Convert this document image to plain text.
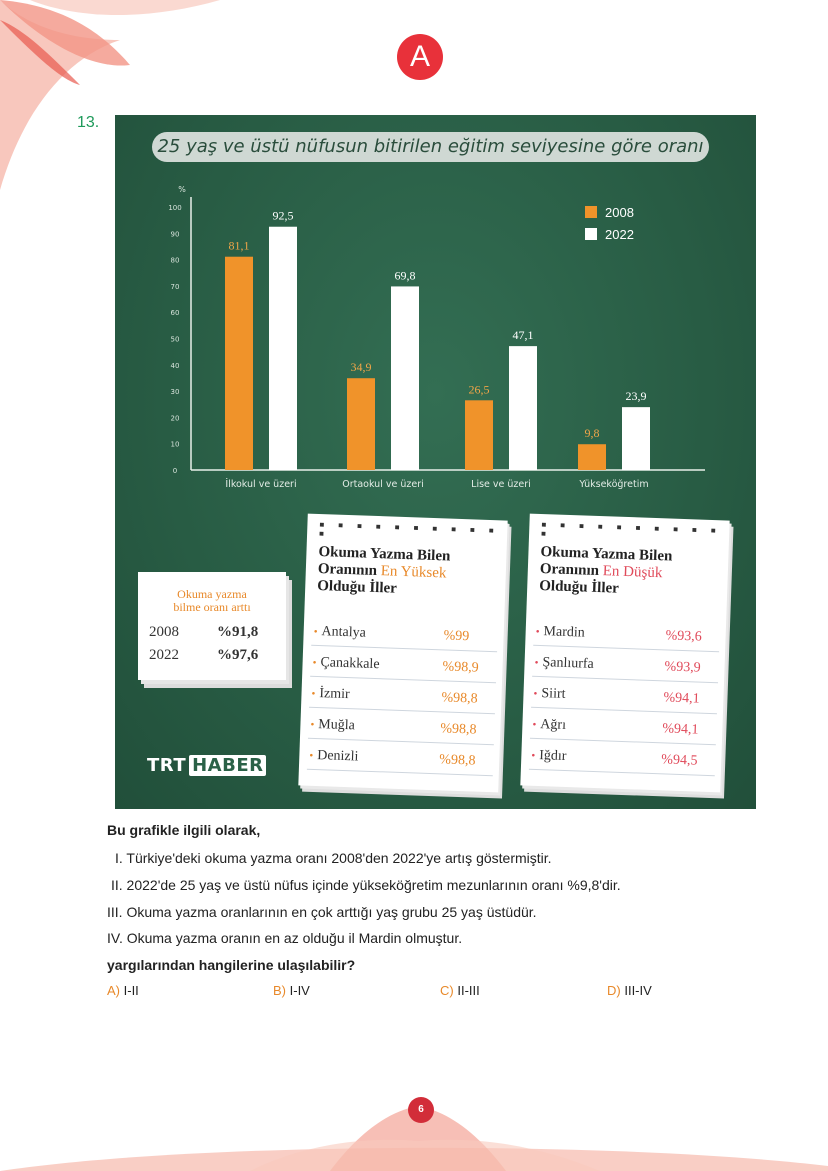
A
13.
25 yaş ve üstü nüfusun bitirilen eğitim seviyesine göre oranı
%
0
10
20
30
40
50
60
70
80
90
100
İlkokul ve üzeri
81,1
92,5
Ortaokul ve üzeri
34,9
69,8
Lise ve üzeri
26,5
47,1
Yükseköğretim
9,8
23,9
2008
2022
Okuma yazma
bilme oranı arttı
2008	%91,8
2022	%97,6
■ ■ ■ ■ ■ ■ ■ ■ ■ ■ ■
Okuma Yazma Bilen
Oranının En Yüksek
Olduğu İller
• Antalya	%99
• Çanakkale	%98,9
• İzmir	%98,8
• Muğla	%98,8
• Denizli	%98,8
■ ■ ■ ■ ■ ■ ■ ■ ■ ■ ■
Okuma Yazma Bilen
Oranının En Düşük
Olduğu İller
• Mardin	%93,6
• Şanlıurfa	%93,9
• Siirt	%94,1
• Ağrı	%94,1
• Iğdır	%94,5
TRT HABER
Bu grafikle ilgili olarak,
I. Türkiye'deki okuma yazma oranı 2008'den 2022'ye artış göstermiştir.
II. 2022'de 25 yaş ve üstü nüfus içinde yükseköğretim mezunlarının oranı %9,8'dir.
III. Okuma yazma oranlarının en çok arttığı yaş grubu 25 yaş üstüdür.
IV. Okuma yazma oranın en az olduğu il Mardin olmuştur.
yargılarından hangilerine ulaşılabilir?
A) I-II	B) I-IV	C) II-III	D) III-IV
6
